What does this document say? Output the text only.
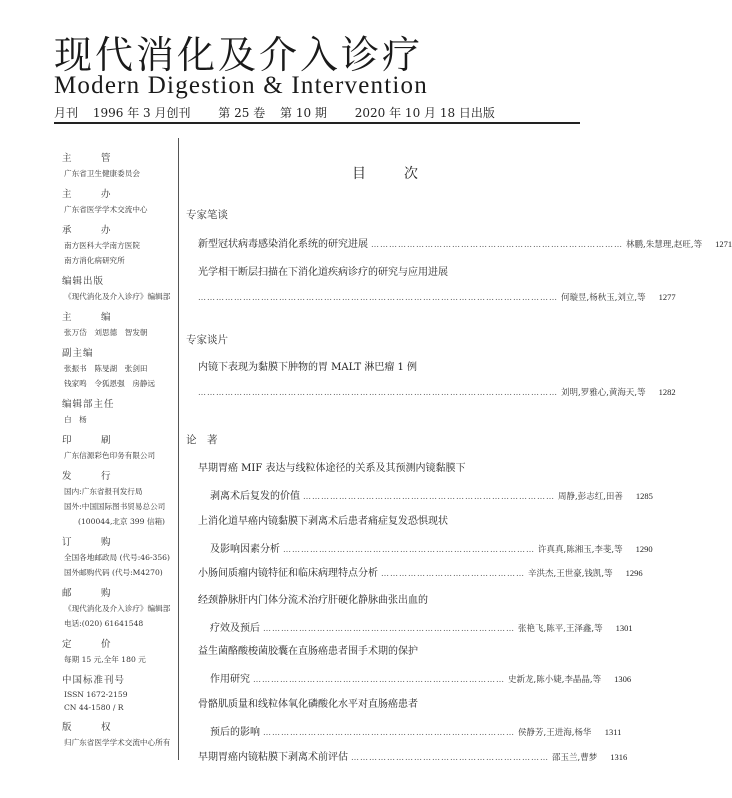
现代消化及介入诊疗
Modern Digestion & Intervention
月刊 1996 年 3 月创刊 第 25 卷 第 10 期 2020 年 10 月 18 日出版
主　管
广东省卫生健康委员会
主　办
广东省医学学术交流中心
承　办
南方医科大学南方医院
南方消化病研究所
编辑出版
《现代消化及介入诊疗》编辑部
主　编
张万岱　刘思德　智发朝
副主编
张振书　陈旻湖　张剑田
钱家鸣　令狐恩强　房静远
编辑部主任
白　杨
印　刷
广东信源彩色印务有限公司
发　行
国内:广东省报刊发行局
国外:中国国际图书贸易总公司
(100044,北京 399 信箱)
订　购
全国各地邮政局 (代号:46-356)
国外邮购代码 (代号:M4270)
邮　购
《现代消化及介入诊疗》编辑部
电话:(020) 61641548
定　价
每期 15 元,全年 180 元
中国标准刊号
ISSN 1672-2159
CN 44-1580 / R
版　权
归广东省医学学术交流中心所有
目　次
专家笔谈
新型冠状病毒感染消化系统的研究进展 ………………………………………………………………………… 林鹏,朱慧理,赵旺,等	1271
光学相干断层扫描在下消化道疾病诊疗的研究与应用进展
………………………………………………………………………………………………………… 何璇昱,杨秋玉,刘立,等	1277
专家谈片
内镜下表现为黏膜下肿物的胃 MALT 淋巴瘤 1 例
………………………………………………………………………………………………………… 刘明,罗雅心,黄海天,等	1282
论　著
早期胃癌 MIF 表达与线粒体途径的关系及其预测内镜黏膜下
剥离术后复发的价值 ………………………………………………………………………… 周静,彭志红,田善	1285
上消化道早癌内镜黏膜下剥离术后患者痛症复发恐惧现状
及影响因素分析 ………………………………………………………………………… 许真真,陈湘玉,李斐,等	1290
小肠间质瘤内镜特征和临床病理特点分析 ………………………………………… 辛洪杰,王世豪,钱凯,等	1296
经颈静脉肝内门体分流术治疗肝硬化静脉曲张出血的
疗效及预后 ………………………………………………………………………… 张艳飞,陈平,王泽鑫,等	1301
益生菌酪酸梭菌胶囊在直肠癌患者围手术期的保护
作用研究 ………………………………………………………………………… 史新龙,陈小婕,李晶晶,等	1306
骨骼肌质量和线粒体氧化磷酸化水平对直肠癌患者
预后的影响 ………………………………………………………………………… 侯静芳,王进海,杨华	1311
早期胃癌内镜粘膜下剥离术前评估 ………………………………………………………… 邵玉兰,曹梦	1316
